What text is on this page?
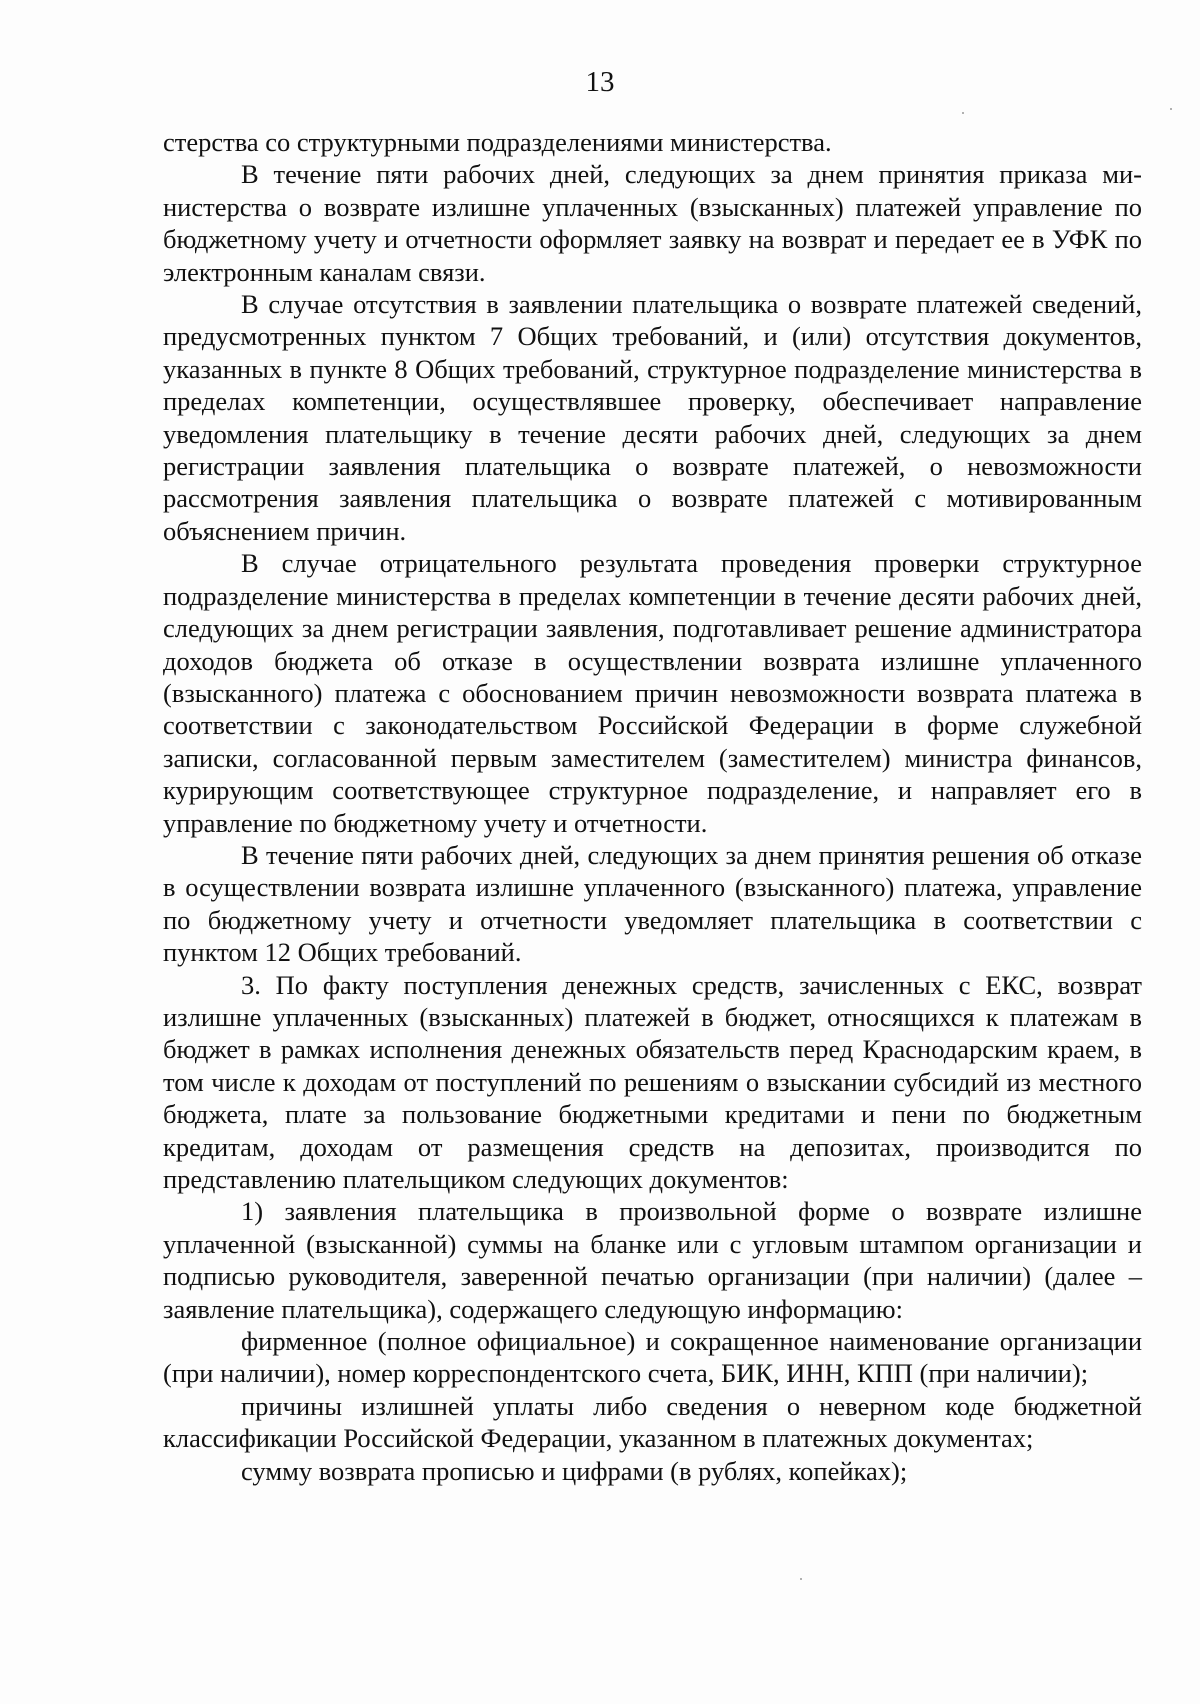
13

стерства со структурными подразделениями министерства.

В течение пяти рабочих дней, следующих за днем принятия приказа министерства о возврате излишне уплаченных (взысканных) платежей управление по бюджетному учету и отчетности оформляет заявку на возврат и передает ее в УФК по электронным каналам связи.

В случае отсутствия в заявлении плательщика о возврате платежей сведений, предусмотренных пунктом 7 Общих требований, и (или) отсутствия документов, указанных в пункте 8 Общих требований, структурное подразделение министерства в пределах компетенции, осуществлявшее проверку, обеспечивает направление уведомления плательщику в течение десяти рабочих дней, следующих за днем регистрации заявления плательщика о возврате платежей, о невозможности рассмотрения заявления плательщика о возврате платежей с мотивированным объяснением причин.

В случае отрицательного результата проведения проверки структурное подразделение министерства в пределах компетенции в течение десяти рабочих дней, следующих за днем регистрации заявления, подготавливает решение администратора доходов бюджета об отказе в осуществлении возврата излишне уплаченного (взысканного) платежа с обоснованием причин невозможности возврата платежа в соответствии с законодательством Российской Федерации в форме служебной записки, согласованной первым заместителем (заместителем) министра финансов, курирующим соответствующее структурное подразделение, и направляет его в управление по бюджетному учету и отчетности.

В течение пяти рабочих дней, следующих за днем принятия решения об отказе в осуществлении возврата излишне уплаченного (взысканного) платежа, управление по бюджетному учету и отчетности уведомляет плательщика в соответствии с пунктом 12 Общих требований.

3. По факту поступления денежных средств, зачисленных с ЕКС, возврат излишне уплаченных (взысканных) платежей в бюджет, относящихся к платежам в бюджет в рамках исполнения денежных обязательств перед Краснодарским краем, в том числе к доходам от поступлений по решениям о взыскании субсидий из местного бюджета, плате за пользование бюджетными кредитами и пени по бюджетным кредитам, доходам от размещения средств на депозитах, производится по представлению плательщиком следующих документов:

1) заявления плательщика в произвольной форме о возврате излишне уплаченной (взысканной) суммы на бланке или с угловым штампом организации и подписью руководителя, заверенной печатью организации (при наличии) (далее – заявление плательщика), содержащего следующую информацию:

фирменное (полное официальное) и сокращенное наименование организации (при наличии), номер корреспондентского счета, БИК, ИНН, КПП (при наличии);

причины излишней уплаты либо сведения о неверном коде бюджетной классификации Российской Федерации, указанном в платежных документах;

сумму возврата прописью и цифрами (в рублях, копейках);
